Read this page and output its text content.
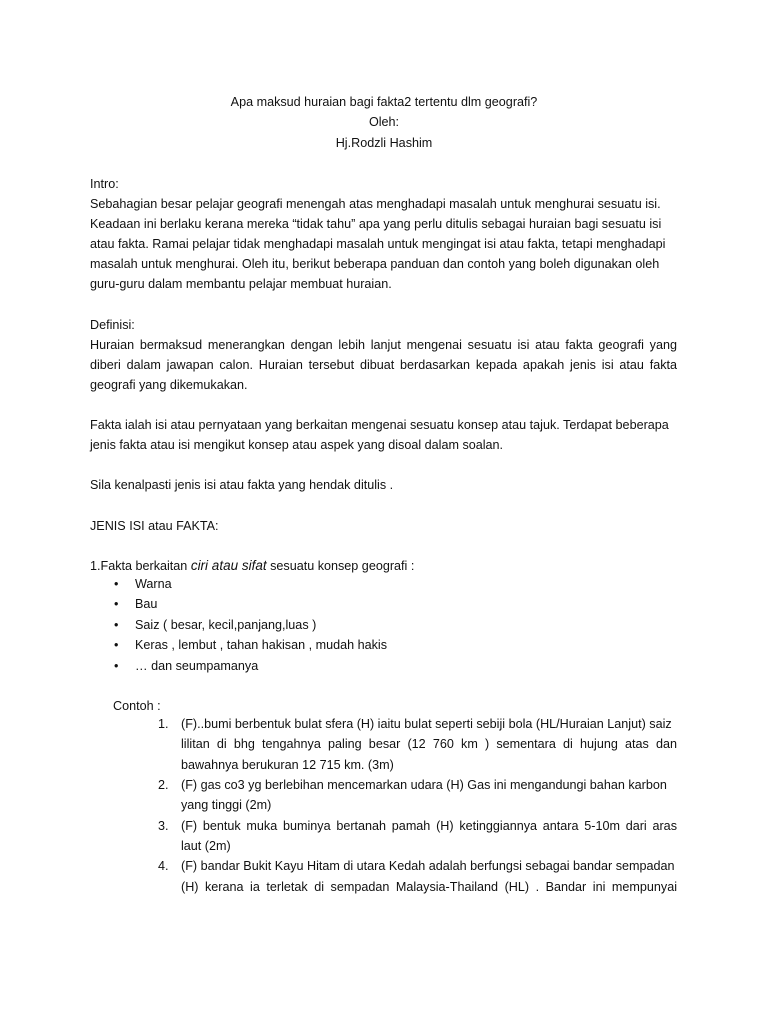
Apa maksud huraian bagi fakta2 tertentu dlm geografi?

Oleh:

Hj.Rodzli Hashim

Intro:

Sebahagian besar pelajar geografi menengah atas menghadapi masalah untuk menghurai sesuatu isi.

Keadaan ini berlaku kerana mereka “tidak tahu” apa yang perlu ditulis sebagai huraian bagi sesuatu isi

atau fakta. Ramai pelajar tidak menghadapi masalah untuk mengingat isi atau fakta, tetapi menghadapi

masalah untuk menghurai. Oleh itu, berikut beberapa panduan dan contoh yang boleh digunakan oleh

guru-guru dalam membantu pelajar membuat huraian.

Definisi:

Huraian bermaksud menerangkan dengan lebih lanjut mengenai sesuatu isi atau fakta geografi yang

diberi dalam jawapan calon. Huraian tersebut dibuat berdasarkan kepada apakah jenis isi atau fakta

geografi yang dikemukakan.

Fakta ialah isi atau pernyataan yang berkaitan mengenai sesuatu konsep atau tajuk. Terdapat beberapa

jenis fakta atau isi mengikut konsep atau aspek yang disoal dalam soalan.

Sila kenalpasti jenis isi atau fakta yang hendak ditulis .

JENIS ISI atau FAKTA:

1.Fakta berkaitan ciri atau sifat sesuatu konsep geografi :

• Warna
• Bau
• Saiz ( besar, kecil,panjang,luas )
• Keras , lembut , tahan hakisan , mudah hakis
• … dan seumpamanya

Contoh :

1. (F)..bumi berbentuk bulat sfera (H) iaitu bulat seperti sebiji bola (HL/Huraian Lanjut) saiz
lilitan di bhg tengahnya paling besar (12 760 km ) sementara di hujung atas dan
bawahnya berukuran 12 715 km. (3m)
2. (F) gas co3 yg berlebihan mencemarkan udara (H) Gas ini mengandungi bahan karbon
yang tinggi (2m)
3. (F) bentuk muka buminya bertanah pamah (H) ketinggiannya antara 5-10m dari aras
laut (2m)
4. (F) bandar Bukit Kayu Hitam di utara Kedah adalah berfungsi sebagai bandar sempadan
(H) kerana ia terletak di sempadan Malaysia-Thailand (HL) . Bandar ini mempunyai
